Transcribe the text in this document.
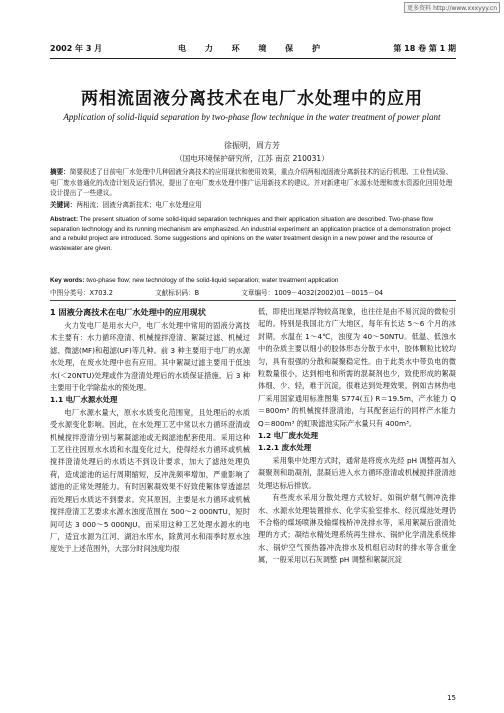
更多资料 http://www.xxxyyy.cn
2002 年 3 月	电 力 环 境 保 护	第 18 卷 第 1 期
两相流固液分离技术在电厂水处理中的应用
Application of solid-liquid separation by two-phase flow technique in the water treatment of power plant
徐振明，周方芳
（国电环境保护研究所，江苏 南京 210031）
摘要：简要叙述了目前电厂水处理中几种固液分离技术的应用现状和使用效果，重点介绍两相流固液分离新技术的运行机理、工业性试验、电厂废水普通化的改造计划及运行情况，提出了在电厂废水处理中推广运用新技术的建议。并对新建电厂水源水处理和废水资源化回用处理设计提出了一些建议。
关键词：两相流；固液分离新技术；电厂水处理应用
Abstract: The present situation of some solid-liquid separation techniques and their application situation are described. Two-phase flow separation technology and its running mechanism are emphasized. An industrial experiment an application practice of a demonstration project and a rebuild project are introduced. Some suggestions and opinions on the water treatment design in a new power and the resource of wastewater are given.
Key words: two-phase flow; new technology of the solid-liquid separation; water treatment application
中图分类号：X703.2	文献标识码：B	文章编号：1009－4032(2002)01－0015－04
1 固液分离技术在电厂水处理中的应用现状

火力发电厂是用水大户，电厂水处理中常用的固液分离技术主要有：水力循环澄清、机械搅拌澄清、絮凝过滤、机械过滤、微滤(MF)和超滤(UF)等几种。前 3 种主要用于电厂的水源水处理，在废水处理中也有应用。其中絮凝过滤主要用于低浊水(＜20NTU)处理或作为澄清处理后的水质保证措施。后 3 种主要用于化学除盐水的预处理。

1.1 电厂水源水处理

电厂水源水量大，原水水质变化范围宽，且处理后的水质受水源变化影响。因此，在水处理工艺中常以水力循环澄清或机械搅拌澄清分别与絮凝滤池或无阀滤池配套使用。采用这种工艺往往因原水水质和水温变化过大，使得经水力循环或机械搅拌澄清处理后的水质达不到设计要求，加大了滤池处理负荷，造成滤池的运行周期缩短，反冲洗频率增加，严重影响了滤池的正常处理能力。有时因絮凝效果不好致使絮体穿透滤层而处理后水质达不到要求。究其原因，主要是水力循环或机械搅拌澄清工艺要求水源水浊度范围在 500～2 000NTU，短时间可达 3 000～5 000NJU。而采用这种工艺处理水源水的电厂，适宜水源为江河、湖泊水库水，除黄河水和雨季时原水浊度处于上述范围外，大部分时间浊度均很

低，即使出现悬浮物较高现象，也往往是由不易沉淀的微粒引起的。特别是我国北方广大地区，每年有长达 5～6 个月的冰封期，水温在 1～4℃，浊度为 40～50NTU。低温、低浊水中的杂质主要以细小的胶体形态分散于水中，胶体颗粒比较均匀，具有很强的分散和凝聚稳定性。由于此类水中带负电的微粒数量很小，达到相电和所需的混凝剂也少，致使形成的絮凝体细、少、轻，难于沉淀，很难达到处理效果。例如吉林热电厂采用国家通用标准图集 S774(五) R＝19.5m，产水能力 Q＝800m³ 的机械搅拌澄清池，与其配套运行的同样产水能力 Q＝800m³ 的虹吸滤池实际产水量只有 400m³。

1.2 电厂废水处理
1.2.1 废水处理

采用集中处理方式时，通常是将废水先经 pH 调整再加入凝聚剂和助凝剂，混凝后进入水力循环澄清或机械搅拌澄清池处理达标后排放。

有些废水采用分散处理方式较好。如锅炉烟气侧冲洗排水、水源水处理装置排水、化学实验室排水、经沉煤池处理仍不合格的煤场喷淋及输煤栈桥冲洗排水等，采用絮凝后澄清处理的方式；凝结水精处理系统再生排水、锅炉化学清洗系统排水、锅炉空气预热器冲洗排水及机组启动时的排水等含重金属，一般采用以石灰调整 pH 调整和絮凝沉淀

15
